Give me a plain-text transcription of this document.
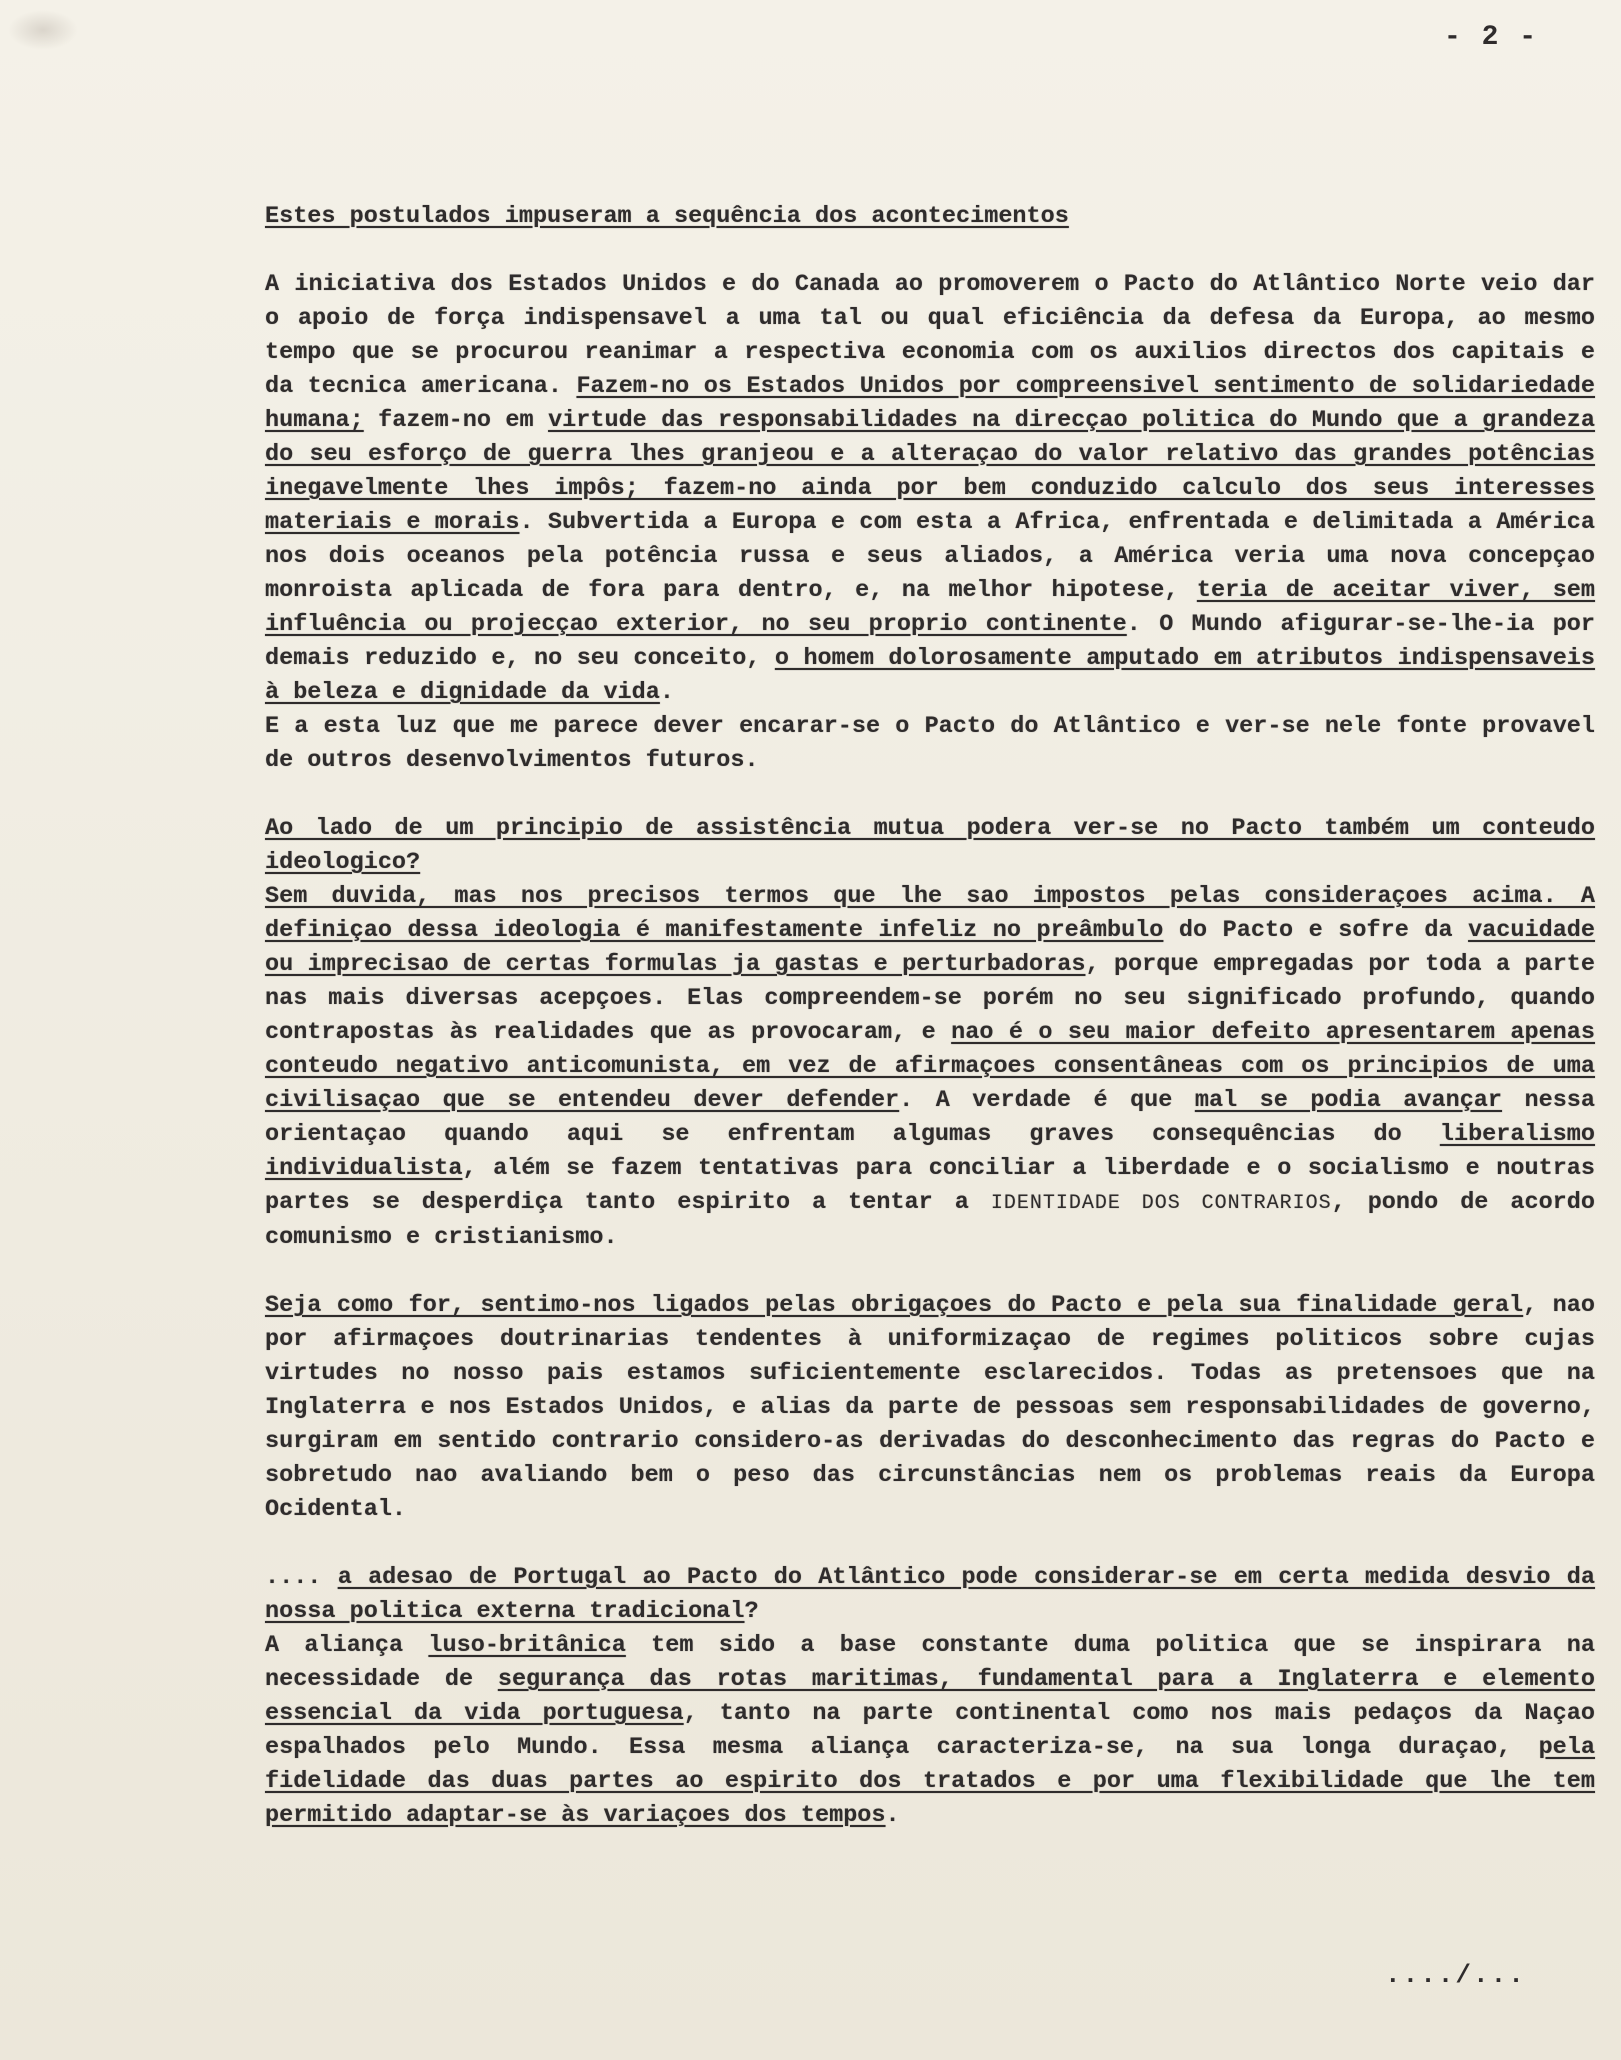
- 2 -
Estes postulados impuseram a sequência dos acontecimentos

A iniciativa dos Estados Unidos e do Canada ao promoverem o Pacto do Atlântico Norte veio dar o apoio de força indispensavel a uma tal ou qual eficiência da defesa da Europa, ao mesmo tempo que se procurou reanimar a respectiva economia com os auxilios directos dos capitais e da tecnica americana. Fazem-no os Estados Unidos por compreensivel sentimento de solidariedade humana; fazem-no em virtude das responsabilidades na direcçao politica do Mundo que a grandeza do seu esforço de guerra lhes granjeou e a alteraçao do valor relativo das grandes potências inegavelmente lhes impôs; fazem-no ainda por bem conduzido calculo dos seus interesses materiais e morais. Subvertida a Europa e com esta a Africa, enfrentada e delimitada a América nos dois oceanos pela potência russa e seus aliados, a América veria uma nova concepçao monroista aplicada de fora para dentro, e, na melhor hipotese, teria de aceitar viver, sem influência ou projecçao exterior, no seu proprio continente. O Mundo afigurar-se-lhe-ia por demais reduzido e, no seu conceito, o homem dolorosamente amputado em atributos indispensaveis à beleza e dignidade da vida.

E a esta luz que me parece dever encarar-se o Pacto do Atlântico e ver-se nele fonte provavel de outros desenvolvimentos futuros.

Ao lado de um principio de assistência mutua podera ver-se no Pacto também um conteudo ideologico?

Sem duvida, mas nos precisos termos que lhe sao impostos pelas consideraçoes acima. A definiçao dessa ideologia é manifestamente infeliz no preâmbulo do Pacto e sofre da vacuidade ou imprecisao de certas formulas ja gastas e perturbadoras, porque empregadas por toda a parte nas mais diversas acepçoes. Elas compreendem-se porém no seu significado profundo, quando contrapostas às realidades que as provocaram, e nao é o seu maior defeito apresentarem apenas conteudo negativo anticomunista, em vez de afirmaçoes consentâneas com os principios de uma civilisaçao que se entendeu dever defender. A verdade é que mal se podia avançar nessa orientaçao quando aqui se enfrentam algumas graves consequências do liberalismo individualista, além se fazem tentativas para conciliar a liberdade e o socialismo e noutras partes se desperdiça tanto espirito a tentar a IDENTIDADE DOS CONTRARIOS, pondo de acordo comunismo e cristianismo.

Seja como for, sentimo-nos ligados pelas obrigaçoes do Pacto e pela sua finalidade geral, nao por afirmaçoes doutrinarias tendentes à uniformizaçao de regimes politicos sobre cujas virtudes no nosso pais estamos suficientemente esclarecidos. Todas as pretensoes que na Inglaterra e nos Estados Unidos, e alias da parte de pessoas sem responsabilidades de governo, surgiram em sentido contrario considero-as derivadas do desconhecimento das regras do Pacto e sobretudo nao avaliando bem o peso das circunstâncias nem os problemas reais da Europa Ocidental.

.... a adesao de Portugal ao Pacto do Atlântico pode considerar-se em certa medida desvio da nossa politica externa tradicional?

A aliança luso-britânica tem sido a base constante duma politica que se inspirara na necessidade de segurança das rotas maritimas, fundamental para a Inglaterra e elemento essencial da vida portuguesa, tanto na parte continental como nos mais pedaços da Naçao espalhados pelo Mundo. Essa mesma aliança caracteriza-se, na sua longa duraçao, pela fidelidade das duas partes ao espirito dos tratados e por uma flexibilidade que lhe tem permitido adaptar-se às variaçoes dos tempos.

..../...
